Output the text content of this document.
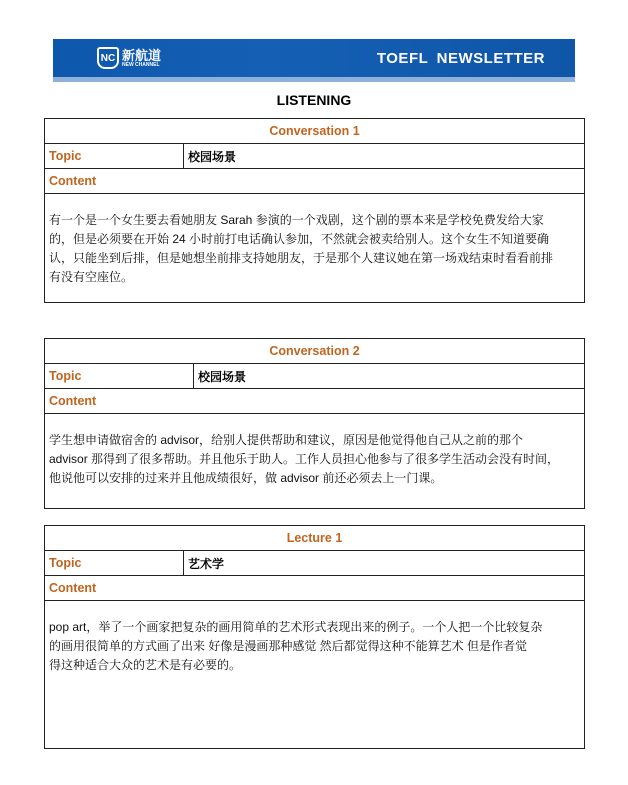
NC 新航道
NEW CHANNEL	TOEFL NEWSLETTER
LISTENING
Conversation 1
Topic	校园场景
Content
有一个是一个女生要去看她朋友 Sarah 参演的一个戏剧，这个剧的票本来是学校免费发给大家
的，但是必须要在开始 24 小时前打电话确认参加，不然就会被卖给别人。这个女生不知道要确
认，只能坐到后排，但是她想坐前排支持她朋友，于是那个人建议她在第一场戏结束时看看前排
有没有空座位。
Conversation 2
Topic	校园场景
Content
学生想申请做宿舍的 advisor，给别人提供帮助和建议，原因是他觉得他自己从之前的那个
advisor 那得到了很多帮助。并且他乐于助人。工作人员担心他参与了很多学生活动会没有时间，
他说他可以安排的过来并且他成绩很好，做 advisor 前还必须去上一门课。
Lecture 1
Topic	艺术学
Content
pop art，举了一个画家把复杂的画用简单的艺术形式表现出来的例子。一个人把一个比较复杂
的画用很简单的方式画了出来 好像是漫画那种感觉 然后都觉得这种不能算艺术 但是作者觉
得这种适合大众的艺术是有必要的。
